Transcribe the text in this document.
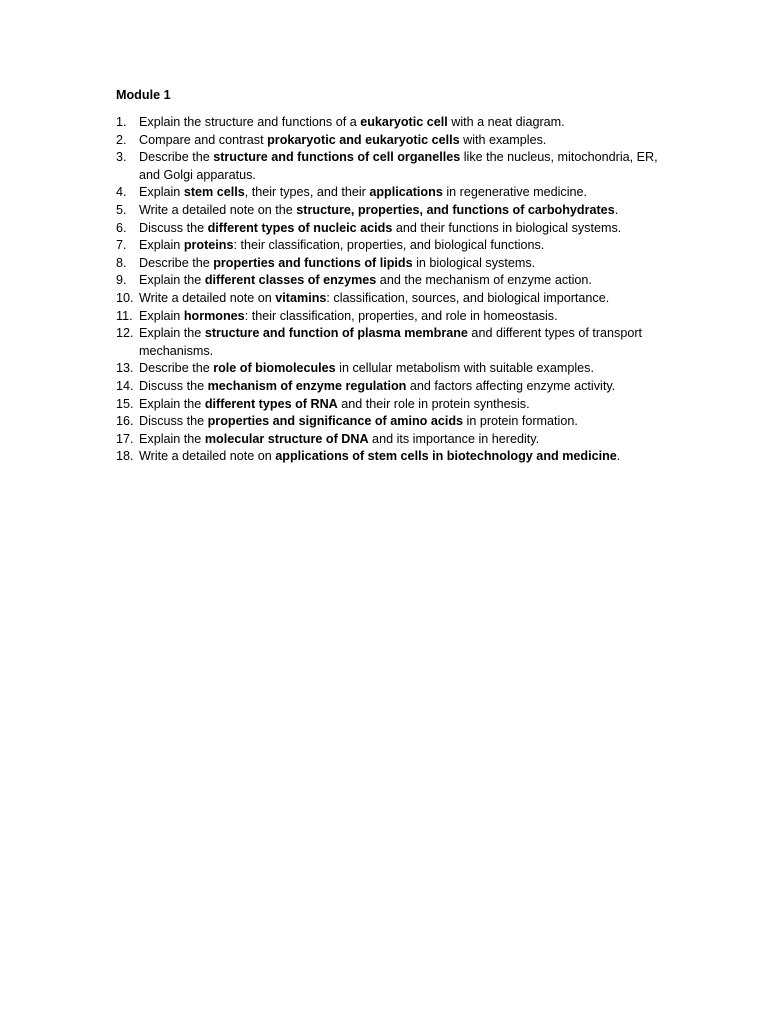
Module 1
1. Explain the structure and functions of a eukaryotic cell with a neat diagram.
2. Compare and contrast prokaryotic and eukaryotic cells with examples.
3. Describe the structure and functions of cell organelles like the nucleus, mitochondria, ER, and Golgi apparatus.
4. Explain stem cells, their types, and their applications in regenerative medicine.
5. Write a detailed note on the structure, properties, and functions of carbohydrates.
6. Discuss the different types of nucleic acids and their functions in biological systems.
7. Explain proteins: their classification, properties, and biological functions.
8. Describe the properties and functions of lipids in biological systems.
9. Explain the different classes of enzymes and the mechanism of enzyme action.
10. Write a detailed note on vitamins: classification, sources, and biological importance.
11. Explain hormones: their classification, properties, and role in homeostasis.
12. Explain the structure and function of plasma membrane and different types of transport mechanisms.
13. Describe the role of biomolecules in cellular metabolism with suitable examples.
14. Discuss the mechanism of enzyme regulation and factors affecting enzyme activity.
15. Explain the different types of RNA and their role in protein synthesis.
16. Discuss the properties and significance of amino acids in protein formation.
17. Explain the molecular structure of DNA and its importance in heredity.
18. Write a detailed note on applications of stem cells in biotechnology and medicine.
